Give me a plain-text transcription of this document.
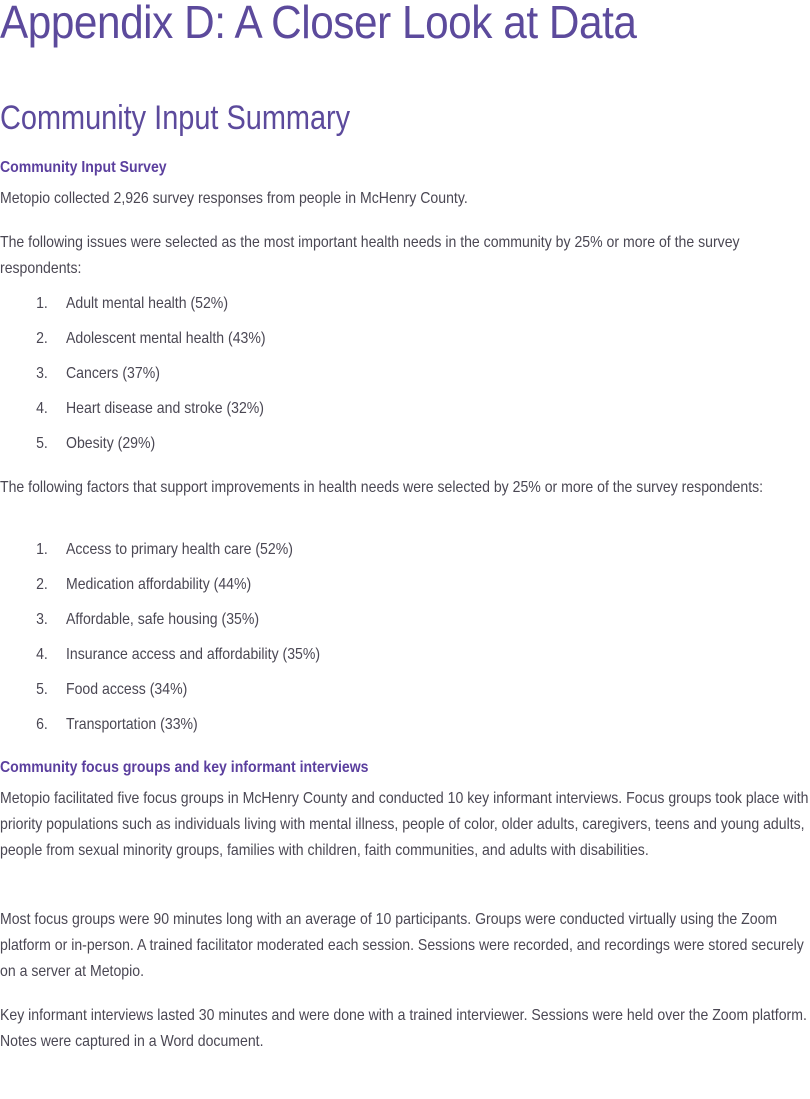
Appendix D: A Closer Look at Data
Community Input Summary
Community Input Survey

Metopio collected 2,926 survey responses from people in McHenry County.

The following issues were selected as the most important health needs in the community by 25% or more of the survey respondents:

1. Adult mental health (52%)
2. Adolescent mental health (43%)
3. Cancers (37%)
4. Heart disease and stroke (32%)
5. Obesity (29%)

The following factors that support improvements in health needs were selected by 25% or more of the survey respondents:

1. Access to primary health care (52%)
2. Medication affordability (44%)
3. Affordable, safe housing (35%)
4. Insurance access and affordability (35%)
5. Food access (34%)
6. Transportation (33%)
Community focus groups and key informant interviews

Metopio facilitated five focus groups in McHenry County and conducted 10 key informant interviews. Focus groups took place with priority populations such as individuals living with mental illness, people of color, older adults, caregivers, teens and young adults, people from sexual minority groups, families with children, faith communities, and adults with disabilities.

Most focus groups were 90 minutes long with an average of 10 participants. Groups were conducted virtually using the Zoom platform or in-person. A trained facilitator moderated each session. Sessions were recorded, and recordings were stored securely on a server at Metopio.

Key informant interviews lasted 30 minutes and were done with a trained interviewer. Sessions were held over the Zoom platform. Notes were captured in a Word document.
